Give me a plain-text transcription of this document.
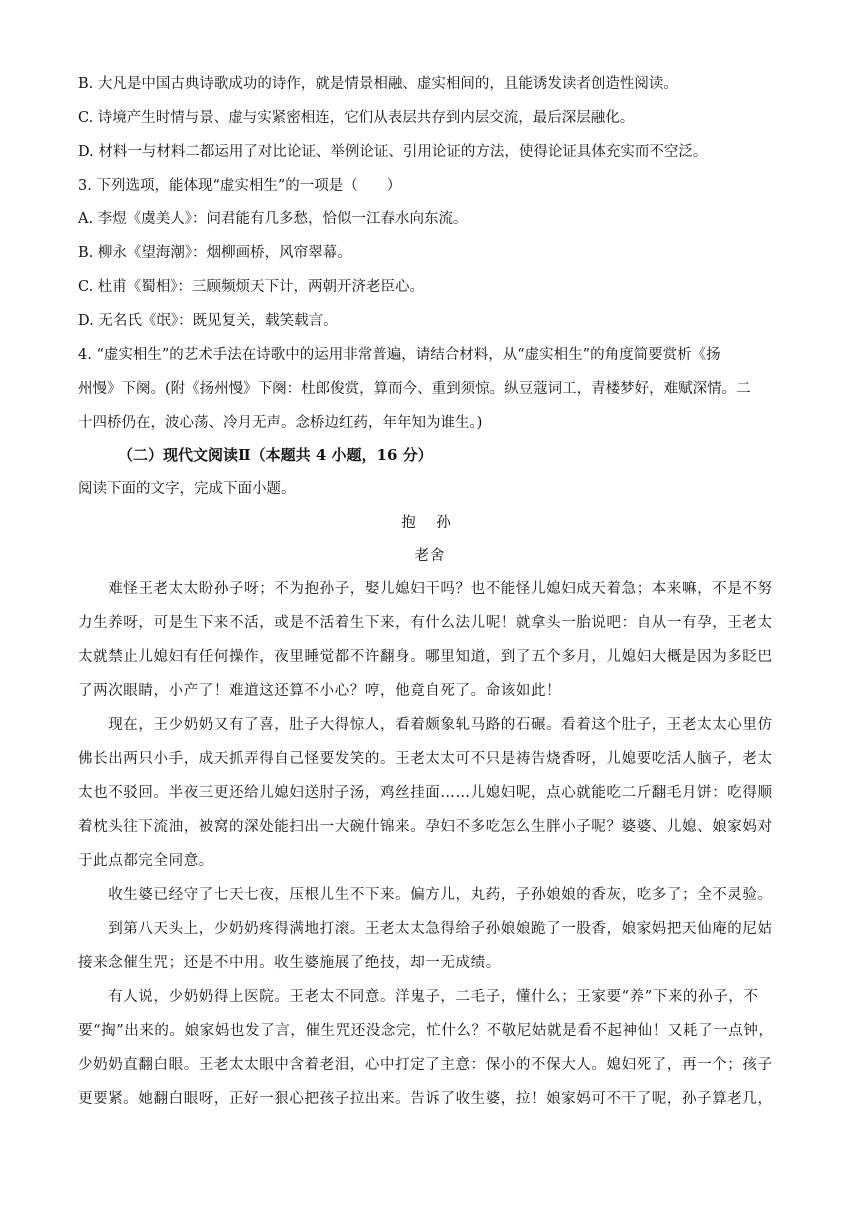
B. 大凡是中国古典诗歌成功的诗作，就是情景相融、虚实相间的，且能诱发读者创造性阅读。
C. 诗境产生时情与景、虚与实紧密相连，它们从表层共存到内层交流，最后深层融化。
D. 材料一与材料二都运用了对比论证、举例论证、引用论证的方法，使得论证具体充实而不空泛。
3. 下列选项，能体现“虚实相生”的一项是（　　）
A. 李煜《虞美人》：问君能有几多愁，恰似一江春水向东流。
B. 柳永《望海潮》：烟柳画桥，风帘翠幕。
C. 杜甫《蜀相》：三顾频烦天下计，两朝开济老臣心。
D. 无名氏《氓》：既见复关，载笑载言。
4. “虚实相生”的艺术手法在诗歌中的运用非常普遍，请结合材料，从“虚实相生”的角度简要赏析《扬
州慢》下阕。(附《扬州慢》下阕：杜郎俊赏，算而今、重到须惊。纵豆蔻词工，青楼梦好，难赋深情。二
十四桥仍在，波心荡、冷月无声。念桥边红药，年年知为谁生。)
（二）现代文阅读Ⅱ（本题共 4 小题，16 分）
阅读下面的文字，完成下面小题。
抱 孙
老舍
　　难怪王老太太盼孙子呀；不为抱孙子，娶儿媳妇干吗？也不能怪儿媳妇成天着急；本来嘛，不是不努
力生养呀，可是生下来不活，或是不活着生下来，有什么法儿呢！就拿头一胎说吧：自从一有孕，王老太
太就禁止儿媳妇有任何操作，夜里睡觉都不许翻身。哪里知道，到了五个多月，儿媳妇大概是因为多眨巴
了两次眼睛，小产了！难道这还算不小心？哼，他竟自死了。命该如此！
　　现在，王少奶奶又有了喜，肚子大得惊人，看着颇象轧马路的石碾。看着这个肚子，王老太太心里仿
佛长出两只小手，成天抓弄得自己怪要发笑的。王老太太可不只是祷告烧香呀，儿媳要吃活人脑子，老太
太也不驳回。半夜三更还给儿媳妇送肘子汤，鸡丝挂面……儿媳妇呢，点心就能吃二斤翻毛月饼：吃得顺
着枕头往下流油，被窝的深处能扫出一大碗什锦来。孕妇不多吃怎么生胖小子呢？婆婆、儿媳、娘家妈对
于此点都完全同意。
　　收生婆已经守了七天七夜，压根儿生不下来。偏方儿，丸药，子孙娘娘的香灰，吃多了；全不灵验。
　　到第八天头上，少奶奶疼得满地打滚。王老太太急得给子孙娘娘跪了一股香，娘家妈把天仙庵的尼姑
接来念催生咒；还是不中用。收生婆施展了绝技，却一无成绩。
　　有人说，少奶奶得上医院。王老太不同意。洋鬼子，二毛子，懂什么；王家要“养”下来的孙子，不
要“掏”出来的。娘家妈也发了言，催生咒还没念完，忙什么？不敬尼姑就是看不起神仙！又耗了一点钟，
少奶奶直翻白眼。王老太太眼中含着老泪，心中打定了主意：保小的不保大人。媳妇死了，再一个；孩子
更要紧。她翻白眼呀，正好一狠心把孩子拉出来。告诉了收生婆，拉！娘家妈可不干了呢，孙子算老几，
